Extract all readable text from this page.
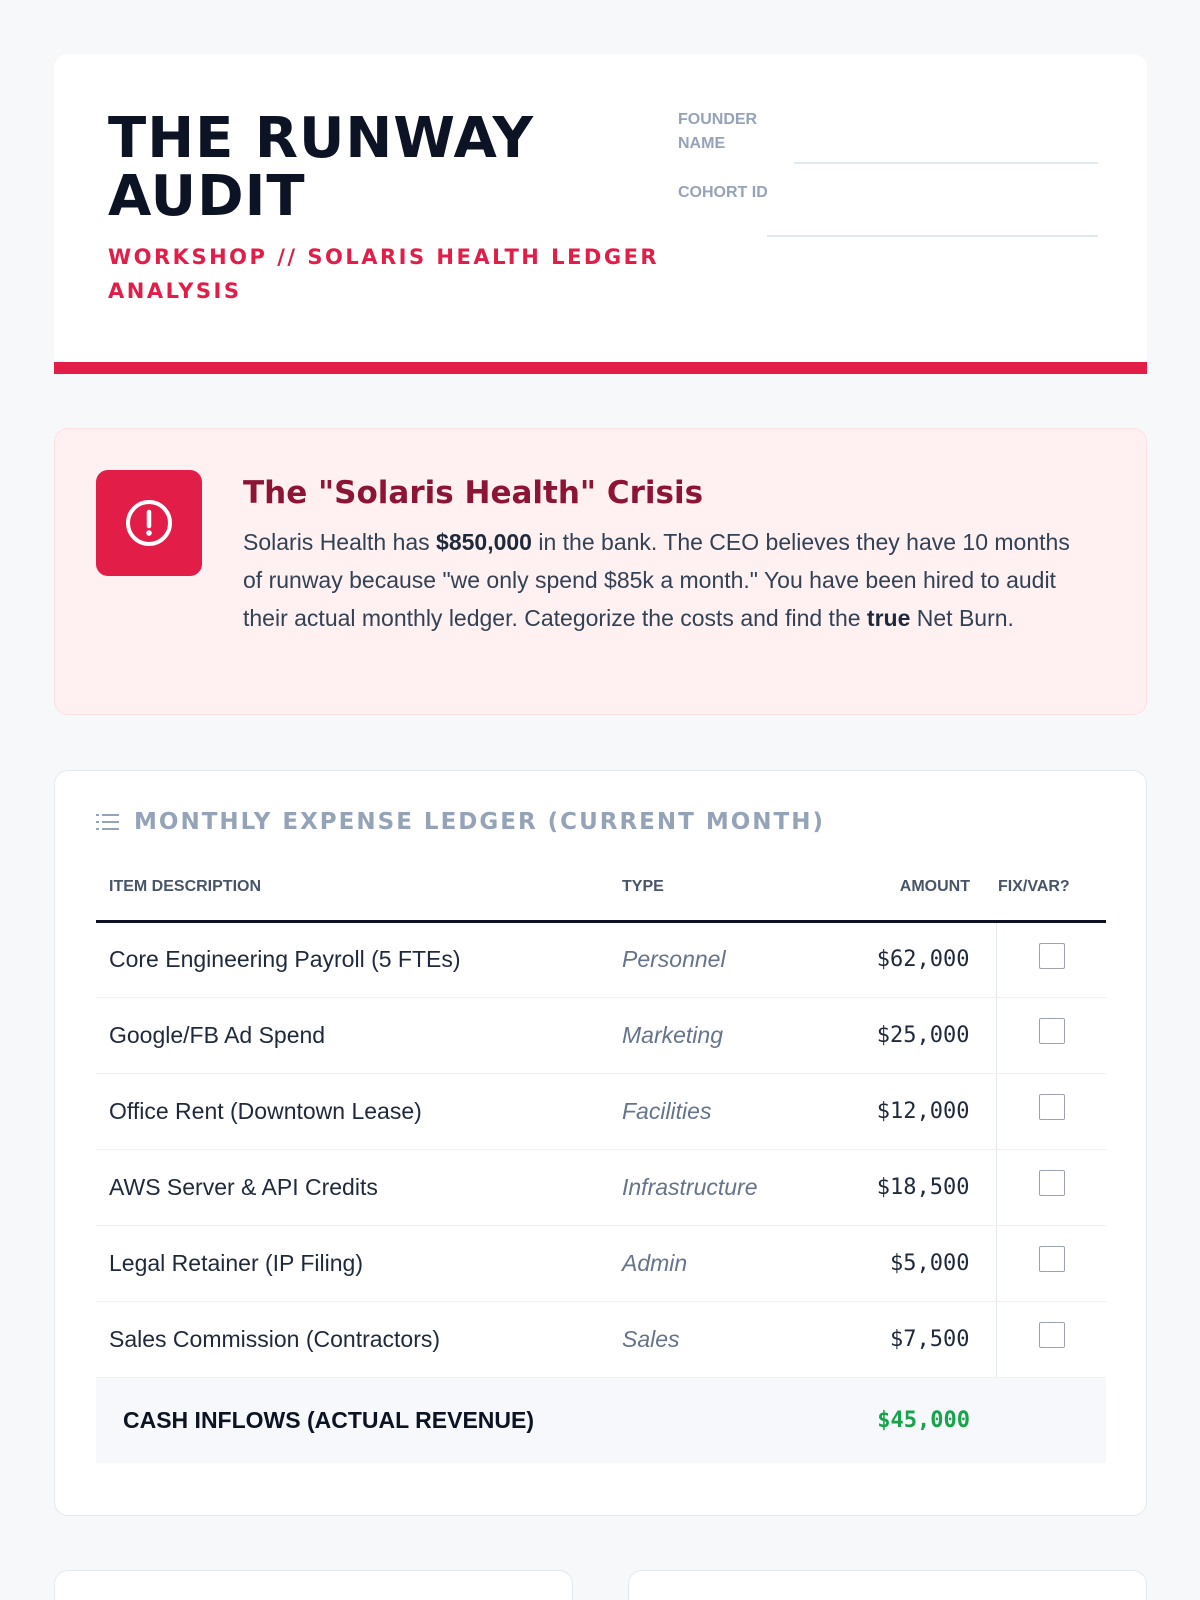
THE RUNWAY AUDIT
WORKSHOP // SOLARIS HEALTH LEDGER ANALYSIS
FOUNDER NAME
COHORT ID
The "Solaris Health" Crisis

Solaris Health has $850,000 in the bank. The CEO believes they have 10 months of runway because "we only spend $85k a month." You have been hired to audit their actual monthly ledger. Categorize the costs and find the true Net Burn.

MONTHLY EXPENSE LEDGER (CURRENT MONTH)
ITEM DESCRIPTION	TYPE	AMOUNT	FIX/VAR?
Core Engineering Payroll (5 FTEs)	Personnel	$62,000	

Google/FB Ad Spend	Marketing	$25,000	

Office Rent (Downtown Lease)	Facilities	$12,000	

AWS Server & API Credits	Infrastructure	$18,500	

Legal Retainer (IP Filing)	Admin	$5,000	

Sales Commission (Contractors)	Sales	$7,500	

CASH INFLOWS (ACTUAL REVENUE)		$45,000	
